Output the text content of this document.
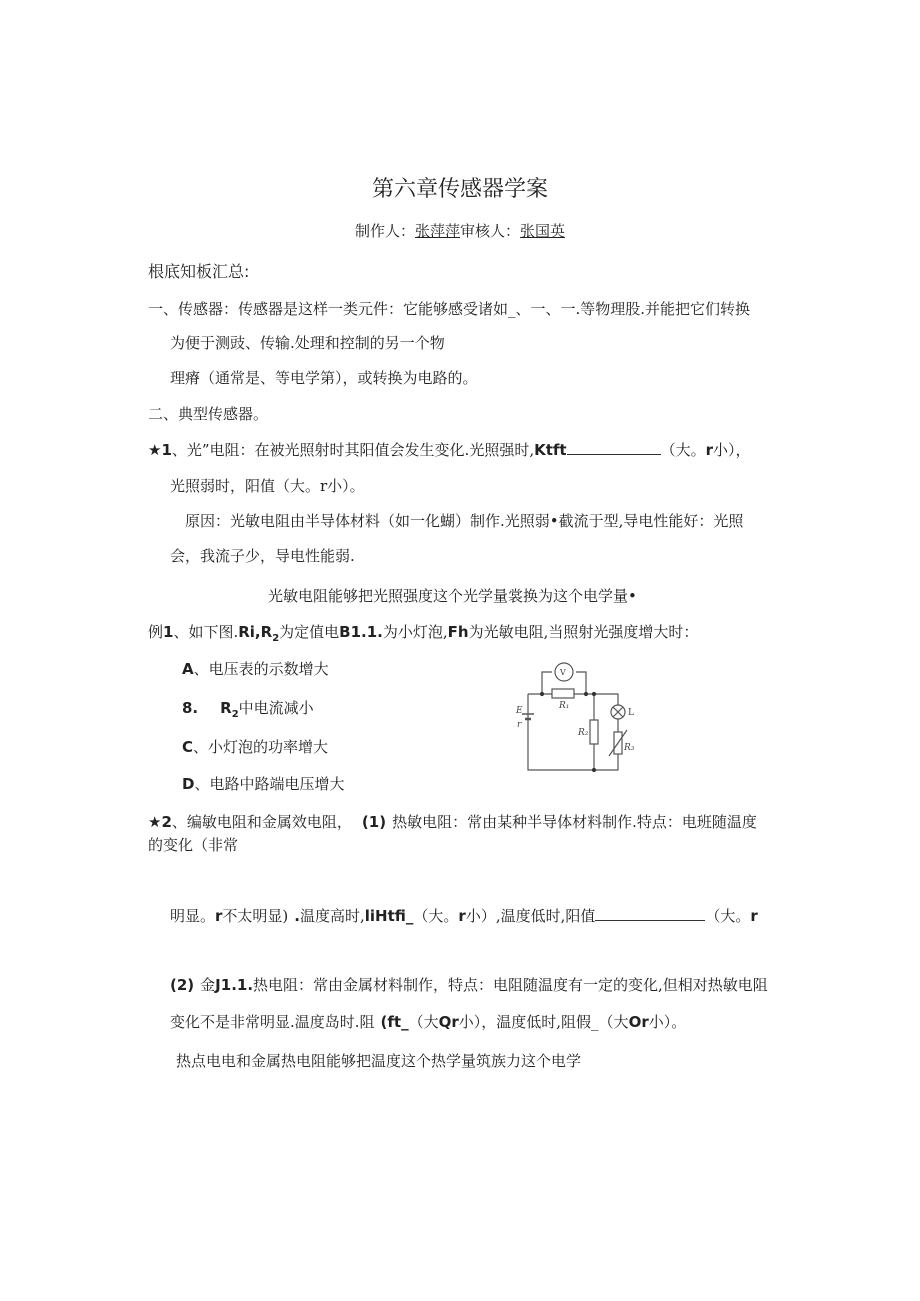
第六章传感器学案
制作人：张萍萍审核人：张国英
根底知板汇总:
一、传感器：传感器是这样一类元件：它能够感受诸如_、一、一.等物理股.并能把它们转换
为便于测豉、传输.处理和控制的另一个物
理瘠（通常是、等电学第），或转换为电路的。
二、典型传感器。
★1、光”电阻：在被光照射时其阳值会发生变化.光照强时,Ktft	（大。r小），
光照弱时，阳值（大。r小）。
原因：光敏电阻由半导体材料（如一化蝴）制作.光照弱•截流于型,导电性能好：光照
会，我流子少，导电性能弱.
光敏电阻能够把光照强度这个光学量裳换为这个电学量•
例1、如下图$.Ri,R_2$为定值电B1.1.为小灯泡,Fh为光敏电阻,当照射光强度增大时：
A、电压表的示数增大
8. $R_2$中电流减小
C、小灯泡的功率增大
D、电路中路端电压增大
V
R₁
R₂
R₃
L
E
r
★2、编敏电阻和金属效电阻， (1) 热敏电阻：常由某种半导体材料制作.特点：电班随温度
的变化（非常
明显。r不太明显) .温度高时,liHtfi_（大。r小）,温度低时,阳值	（大。r
(2) 金J1.1.热电阻：常由金属材料制作，特点：电阻随温度有一定的变化,但相对热敏电阻
变化不是非常明显.温度岛时.阻 (ft_（大Qr小），温度低时,阻假_（大Or小）。
热点电电和金属热电阻能够把温度这个热学量筑族力这个电学
